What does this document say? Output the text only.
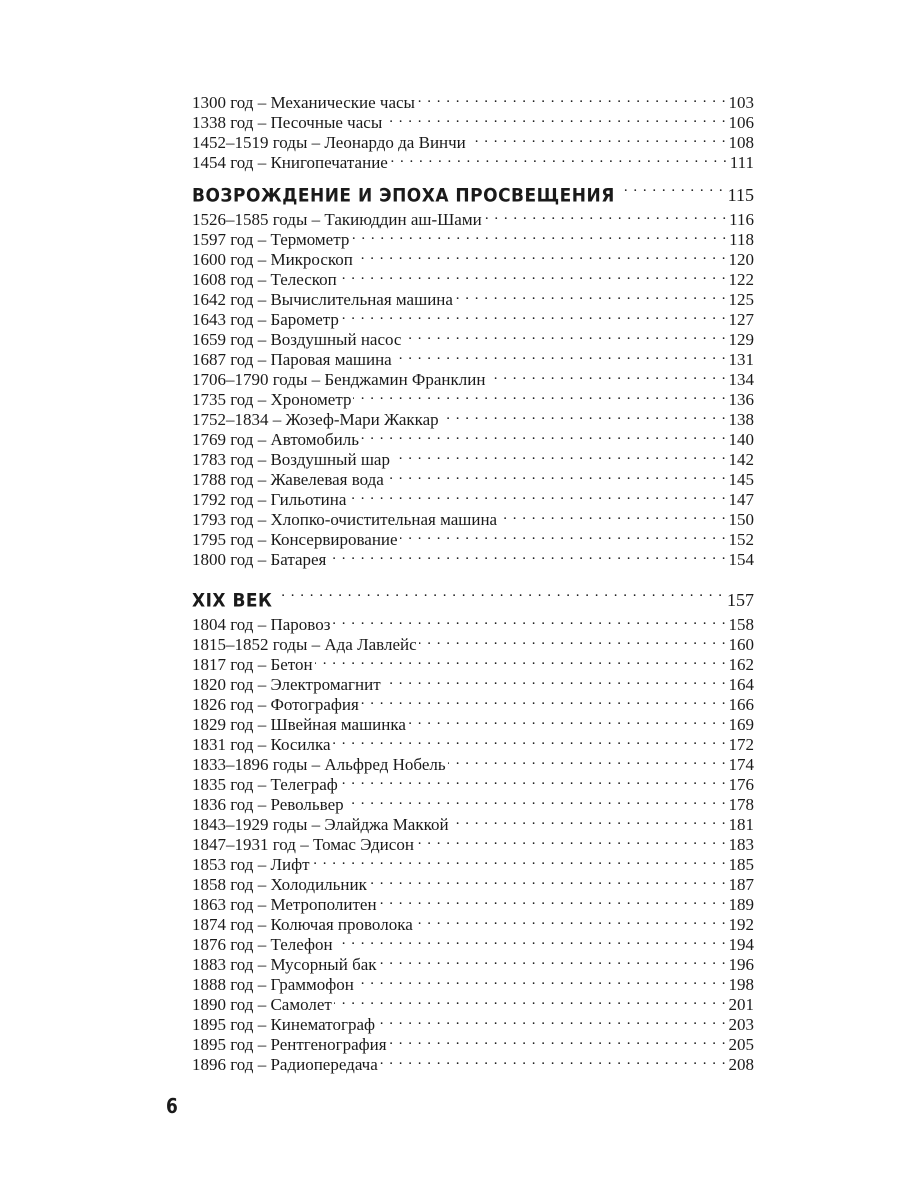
1300 год – Механические часы . . .	103
1338 год – Песочные часы . . .	106
1452–1519 годы – Леонардо да Винчи . . .	108
1454 год – Книгопечатание . . .	111
ВОЗРОЖДЕНИЕ И ЭПОХА ПРОСВЕЩЕНИЯ . . .	115
1526–1585 годы – Такиюддин аш-Шами . . .	116
1597 год – Термометр . . .	118
1600 год – Микроскоп . . .	120
1608 год – Телескоп . . .	122
1642 год – Вычислительная машина . . .	125
1643 год – Барометр . . .	127
1659 год – Воздушный насос . . .	129
1687 год – Паровая машина . . .	131
1706–1790 годы – Бенджамин Франклин . . .	134
1735 год – Хронометр . . .	136
1752–1834 – Жозеф-Мари Жаккар . . .	138
1769 год – Автомобиль . . .	140
1783 год – Воздушный шар . . .	142
1788 год – Жавелевая вода . . .	145
1792 год – Гильотина . . .	147
1793 год – Хлопко-очистительная машина . . .	150
1795 год – Консервирование . . .	152
1800 год – Батарея . . .	154
XIX ВЕК . . .	157
1804 год – Паровоз . . .	158
1815–1852 годы – Ада Лавлейс . . .	160
1817 год – Бетон . . .	162
1820 год – Электромагнит . . .	164
1826 год – Фотография . . .	166
1829 год – Швейная машинка . . .	169
1831 год – Косилка . . .	172
1833–1896 годы – Альфред Нобель . . .	174
1835 год – Телеграф . . .	176
1836 год – Револьвер . . .	178
1843–1929 годы – Элайджа Маккой . . .	181
1847–1931 год – Томас Эдисон . . .	183
1853 год – Лифт . . .	185
1858 год – Холодильник . . .	187
1863 год – Метрополитен . . .	189
1874 год – Колючая проволока . . .	192
1876 год – Телефон . . .	194
1883 год – Мусорный бак . . .	196
1888 год – Граммофон . . .	198
1890 год – Самолет . . .	201
1895 год – Кинематограф . . .	203
1895 год – Рентгенография . . .	205
1896 год – Радиопередача . . .	208
6
